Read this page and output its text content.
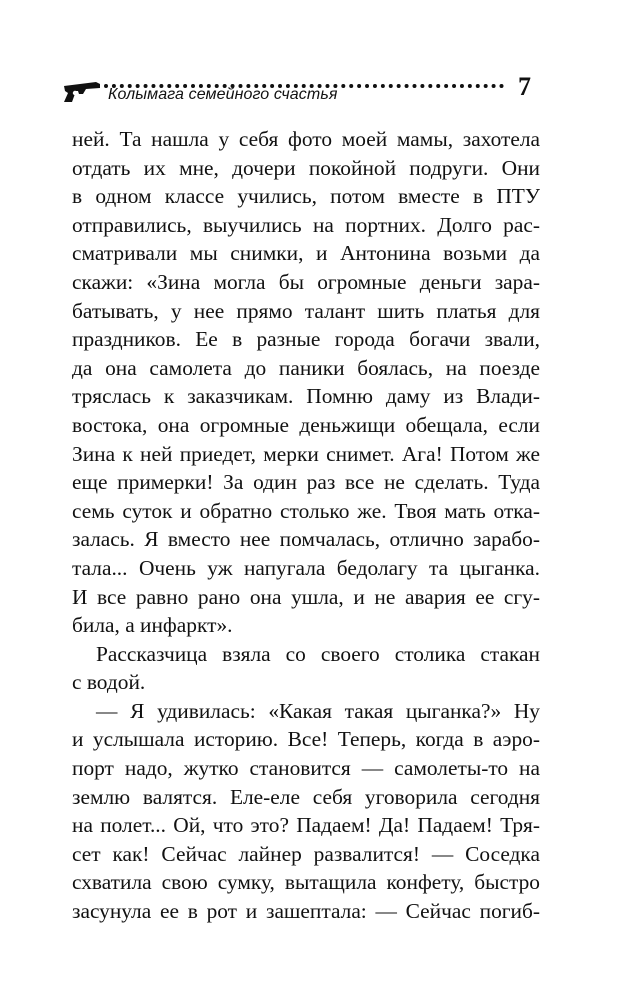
Колымага семейного счастья	7
ней. Та нашла у себя фото моей мамы, захотела
отдать их мне, дочери покойной подруги. Они
в одном классе учились, потом вместе в ПТУ
отправились, выучились на портних. Долго рас-
сматривали мы снимки, и Антонина возьми да
скажи: «Зина могла бы огромные деньги зара-
батывать, у нее прямо талант шить платья для
праздников. Ее в разные города богачи звали,
да она самолета до паники боялась, на поезде
тряслась к заказчикам. Помню даму из Влади-
востока, она огромные деньжищи обещала, если
Зина к ней приедет, мерки снимет. Ага! Потом же
еще примерки! За один раз все не сделать. Туда
семь суток и обратно столько же. Твоя мать отка-
залась. Я вместо нее помчалась, отлично зарабо-
тала... Очень уж напугала бедолагу та цыганка.
И все равно рано она ушла, и не авария ее сгу-
била, а инфаркт».
Рассказчица взяла со своего столика стакан
с водой.
— Я удивилась: «Какая такая цыганка?» Ну
и услышала историю. Все! Теперь, когда в аэро-
порт надо, жутко становится — самолеты-то на
землю валятся. Еле-еле себя уговорила сегодня
на полет... Ой, что это? Падаем! Да! Падаем! Тря-
сет как! Сейчас лайнер развалится! — Соседка
схватила свою сумку, вытащила конфету, быстро
засунула ее в рот и зашептала: — Сейчас погиб-
